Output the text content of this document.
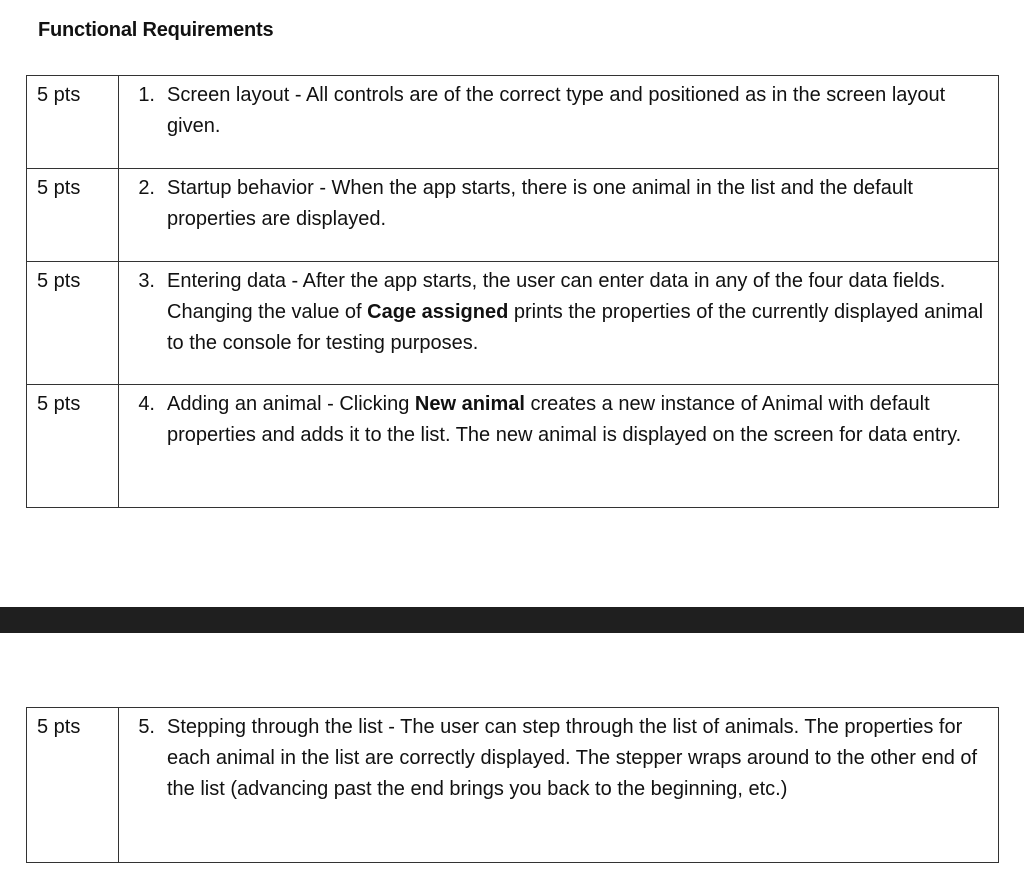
Functional Requirements
5 pts	1. Screen layout - All controls are of the correct type and positioned as in the screen layout given.

5 pts	2. Startup behavior - When the app starts, there is one animal in the list and the default properties are displayed.

5 pts	3. Entering data - After the app starts, the user can enter data in any of the four data fields. Changing the value of Cage assigned prints the properties of the currently displayed animal to the console for testing purposes.

5 pts	4. Adding an animal - Clicking New animal creates a new instance of Animal with default properties and adds it to the list. The new animal is displayed on the screen for data entry.
5 pts	5. Stepping through the list - The user can step through the list of animals. The properties for each animal in the list are correctly displayed. The stepper wraps around to the other end of the list (advancing past the end brings you back to the beginning, etc.)
